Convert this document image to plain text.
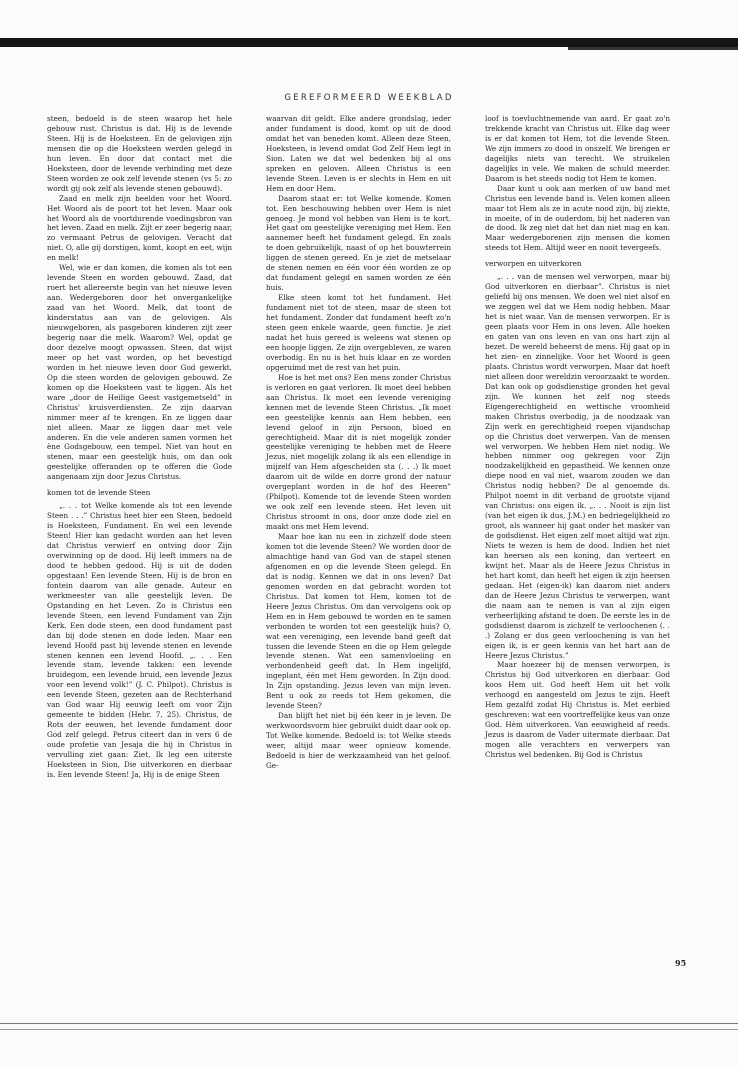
GEREFORMEERD WEEKBLAD

steen, bedoeld is de steen waarop het hele gebouw rust. Christus is dat. Hij is de levende Steen. Hij is de Hoeksteen. En de gelovigen zijn mensen die op die Hoeksteen werden gelegd in hun leven. En door dat contact met die Hoeksteen, door de levende verbinding met deze Steen worden ze ook zelf levende stenen (vs 5: zo wordt gij ook zelf als levende stenen gebouwd).

Zaad en melk zijn beelden voor het Woord. Het Woord als de poort tot het leven. Maar ook het Woord als de voortdurende voedingsbron van het leven. Zaad en melk. Zijt er zeer begerig naar, zo vermaant Petrus de gelovigen. Veracht dat niet. O, alle gij dorstigen, komt, koopt en eet, wijn en melk!

Wel, wie er dan komen, die komen als tot een levende Steen en worden gebouwd. Zaad, dat roert het allereerste begin van het nieuwe leven aan. Wedergeboren door het onvergankelijke zaad van het Woord. Melk, dat toont de kinderstatus aan van de gelovigen. Als nieuwgeboren, als pasgeboren kinderen zijt zeer begerig naar die melk. Waarom? Wel, opdat ge door dezelve moogt opwassen. Steen, dat wijst meer op het vast worden, op het bevestigd worden in het nieuwe leven door God gewerkt. Op die steen worden de gelovigen gebouwd. Ze komen op die Hoeksteen vast te liggen. Als het ware „door de Heilige Geest vastgemetseld” in Christus' kruisverdiensten. Ze zijn daarvan nimmer meer af te krengen. En ze liggen daar niet alleen. Maar ze liggen daar met vele anderen. En die vele anderen samen vormen het ène Godsgebouw, een tempel. Niet van hout en stenen, maar een geestelijk huis, om dan ook geestelijke offeranden op te offeren die Gode aangenaam zijn door Jezus Christus.

komen tot de levende Steen

„. . . tot Welke komende als tot een levende Steen . . .” Christus heet hier een Steen, bedoeld is Hoeksteen, Fundament. En wel een levende Steen! Hier kan gedacht worden aan het leven dat Christus verwierf en ontving door Zijn overwinning op de dood. Hij leeft immers na de dood te hebben gedood. Hij is uit de doden opgestaan! Een levende Steen. Hij is de bron en fontein daarom van alle genade. Auteur en werkmeester van alle geestelijk leven. De Opstanding en het Leven. Zo is Christus een levende Steen, een levend Fundament van Zijn Kerk. Een dode steen, een dood fundament past dan bij dode stenen en dode leden. Maar een levend Hoofd past bij levende stenen en levende stenen kennen een levend Hoofd. „. . . Een levende stam, levende takken: een levende bruidegom, een levende bruid, een levende Jezus voor een levend volk!” (J. C. Philpot). Christus is een levende Steen, gezeten aan de Rechterhand van God waar Hij eeuwig leeft om voor Zijn gemeente te bidden (Hebr. 7, 25). Christus, de Rots der eeuwen, het levende fundament door God zelf gelegd. Petrus citeert dan in vers 6 de oude profetie van Jesaja die hij in Christus in vervulling ziet gaan: Ziet, Ik leg een uiterste Hoeksteen in Sion, Die uitverkoren en dierbaar is. Een levende Steen! Ja, Hij is de enige Steen

waarvan dit geldt. Elke andere grondslag, ieder ander fundament is dood, komt op uit de dood omdat het van beneden komt. Alleen deze Steen, Hoeksteen, is levend omdat God Zelf Hem legt in Sion. Laten we dat wel bedenken bij al ons spreken en geloven. Alleen Christus is een levende Steen. Leven is er slechts in Hem en uit Hem en door Hem.

Daarom staat er: tot Welke komende. Komen tot. Een beschouwing hebben over Hem is niet genoeg. Je mond vol hebben van Hem is te kort. Het gaat om geestelijke vereniging met Hem. Een aannemer heeft het fundament gelegd. En zoals te doen gebruikelijk, naast of op het bouwterrein liggen de stenen gereed. En je ziet de metselaar de stenen nemen en één voor één worden ze op dat fundament gelegd en samen worden ze één huis.

Elke steen komt tot het fundament. Het fundament niet tot de steen, maar de steen tot het fundament. Zonder dat fundament heeft zo'n steen geen enkele waarde, geen functie. Je ziet nadat het huis gereed is weleens wat stenen op een hoopje liggen. Ze zijn overgebleven, ze waren overbodig. En nu is het huis klaar en ze worden opgeruimd met de rest van het puin.

Hoe is het met ons? Een mens zonder Christus is verloren en gaat verloren. Ik moet deel hebben aan Christus. Ik moet een levende vereniging kennen met de levende Steen Christus. „Ik moet een geestelijke kennis aan Hem hebben, een levend geloof in zijn Persoon, bloed en gerechtigheid. Maar dit is niet mogelijk zonder geestelijke vereniging te hebben met de Heere Jezus, niet mogelijk zolang ik als een ellendige in mijzelf van Hem afgescheiden sta (. . .) Ik moet daarom uit de wilde en dorre grond der natuur overgeplant worden in de hof des Heeren” (Philpot). Komende tot de levende Steen worden we ook zelf een levende steen. Het leven uit Christus stroomt in ons, door onze dode ziel en maakt ons met Hem levend.

Maar hoe kan nu een in zichzelf dode steen komen tot die levende Steen? We worden door de almachtige hand van God van de stapel stenen afgenomen en op die levende Steen gelegd. En dat is nodig. Kennen we dat in ons leven? Dat genomen worden en dat gebracht worden tot Christus. Dat komen tot Hem, komen tot de Heere Jezus Christus. Om dan vervolgens ook op Hem en in Hem gebouwd te worden en te samen verbonden te worden tot een geestelijk huis? O, wat een vereniging, een levende band geeft dat tussen die levende Steen en die op Hem gelegde levende stenen. Wat een samenvloeiing en verbondenheid geeft dat. In Hem ingelijfd, ingeplant, één met Hem geworden. In Zijn dood. In Zijn opstanding. Jezus leven van mijn leven. Bent u ook zo reeds tot Hem gekomen, die levende Steen?

Dan blijft het niet bij één keer in je leven. De werkwoordsvorm hier gebruikt duidt daar ook op. Tot Welke komende. Bedoeld is: tot Welke steeds weer, altijd maar weer opnieuw komende. Bedoeld is hier de werkzaamheid van het geloof. Ge-

loof is toevluchtnemende van aard. Er gaat zo'n trekkende kracht van Christus uit. Elke dag weer is er dat komen tot Hem, tot die levende Steen. We zijn immers zo dood in onszelf. We brengen er dagelijks niets van terecht. We struikelen dagelijks in vele. We maken de schuld meerder. Daarom is het steeds nodig tot Hem te komen.

Daar kunt u ook aan merken of uw band met Christus een levende band is. Velen komen alleen maar tot Hem als ze in acute nood zijn, bij ziekte, in moeite, of in de ouderdom, bij het naderen van de dood. Ik zeg niet dat het dan niet mag en kan. Maar wedergeborenen zijn mensen die komen steeds tot Hem. Altijd weer en nooit tevergeefs.

verworpen en uitverkoren

„. . . van de mensen wel verworpen, maar bij God uitverkoren en dierbaar”. Christus is niet geliefd bij ons mensen. We doen wel niet alsof en we zeggen wel dat we Hem nodig hebben. Maar het is niet waar. Van de mensen verworpen. Er is geen plaats voor Hem in ons leven. Alle hoeken en gaten van ons leven en van ons hart zijn al bezet. De wereld beheerst de mens. Hij gaat op in het zien- en zinnelijke. Voor het Woord is geen plaats. Christus wordt verworpen. Maar dat hoeft niet alleen door wereldzin veroorzaakt te worden. Dat kan ook op godsdienstige gronden het geval zijn. We kunnen het zelf nog steeds Eigengerechtigheid en wettische vroomheid maken Christus overbodig, ja de noodzaak van Zijn werk en gerechtigheid roepen vijandschap op die Christus doet verwerpen. Van de mensen wel verworpen. We hebben Hem niet nodig. We hebben nimmer oog gekregen voor Zijn noodzakelijkheid en gepastheid. We kennen onze diepe nood en val niet, waarom zouden we dan Christus nodig hebben? De al genoemde ds. Philpot noemt in dit verband de grootste vijand van Christus: ons eigen ik. „. . . Nooit is zijn list (van het eigen ik dus, J.M.) en bedriegelijkheid zo groot, als wanneer hij gaat onder het masker van de godsdienst. Het eigen zelf moet altijd wat zijn. Niets te wezen is hem de dood. Indien het niet kan heersen als een koning, dan verteert en kwijnt het. Maar als de Heere Jezus Christus in het hart komt, dan heeft het eigen ik zijn heersen gedaan. Het (eigen-ik) kan daarom niet anders dan de Heere Jezus Christus te verwerpen, want die naam aan te nemen is van al zijn eigen verheerlijking afstand te doen. De eerste les in de godsdienst daarom is zichzelf te verloochenen (. . .) Zolang er dus geen verloochening is van het eigen ik, is er geen kennis van het hart aan de Heere Jezus Christus.”

Maar hoezeer bij de mensen verworpen, is Christus bij God uitverkoren en dierbaar. God koos Hem uit. God heeft Hem uit het volk verhoogd en aangesteld om Jezus te zijn. Heeft Hem gezalfd zodat Hij Christus is. Met eerbied geschreven: wat een voortreffelijke keus van onze God. Hèm uitverkoren. Van eeuwigheid af reeds. Jezus is daarom de Vader uitermate dierbaar. Dat mogen alle verachters en verwerpers van Christus wel bedenken. Bij God is Christus

95
